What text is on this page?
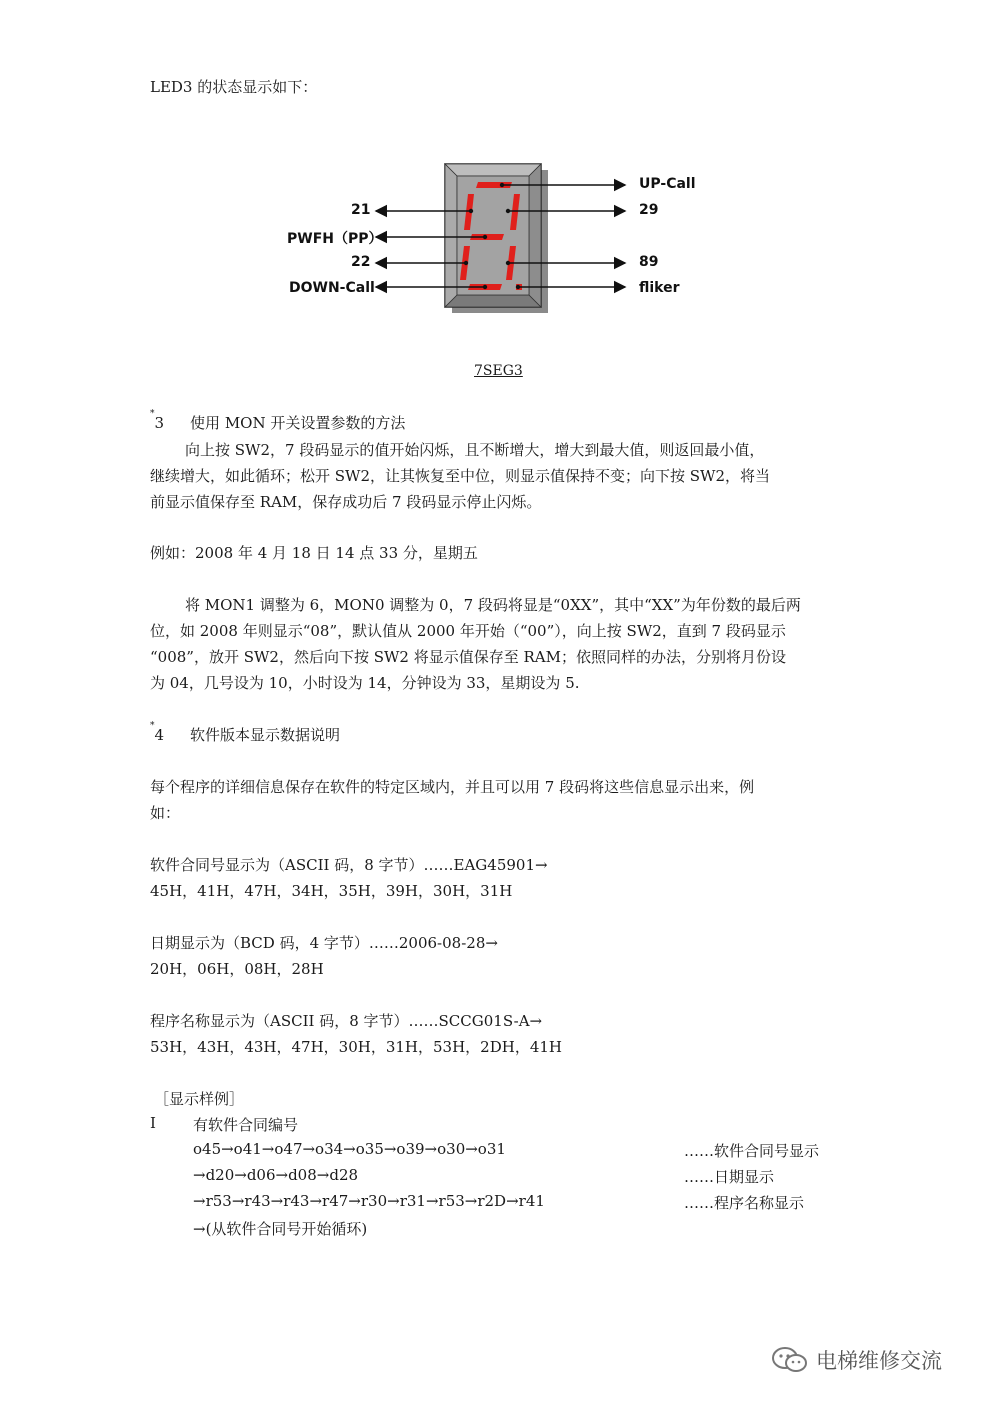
LED3 的状态显示如下：
21
PWFH（PP）
22
DOWN-Call
UP-Call
29
89
fliker
7SEG3
*3 使用 MON 开关设置参数的方法
向上按 SW2，7 段码显示的值开始闪烁，且不断增大，增大到最大值，则返回最小值，
继续增大，如此循环；松开 SW2，让其恢复至中位，则显示值保持不变；向下按 SW2，将当
前显示值保存至 RAM，保存成功后 7 段码显示停止闪烁。
例如：2008 年 4 月 18 日 14 点 33 分，星期五
将 MON1 调整为 6，MON0 调整为 0，7 段码将显是“0XX”，其中“XX”为年份数的最后两
位，如 2008 年则显示“08”，默认值从 2000 年开始（“00”），向上按 SW2，直到 7 段码显示
“008”，放开 SW2，然后向下按 SW2 将显示值保存至 RAM；依照同样的办法，分别将月份设
为 04，几号设为 10，小时设为 14，分钟设为 33，星期设为 5.
*4 软件版本显示数据说明
每个程序的详细信息保存在软件的特定区域内，并且可以用 7 段码将这些信息显示出来，例
如：
软件合同号显示为（ASCII 码，8 字节）……EAG45901→
45H，41H，47H，34H，35H，39H，30H，31H
日期显示为（BCD 码，4 字节）……2006-08-28→
20H，06H，08H，28H
程序名称显示为（ASCII 码，8 字节）……SCCG01S-A→
53H，43H，43H，47H，30H，31H，53H，2DH，41H
［显示样例］
I 有软件合同编号
o45→o41→o47→o34→o35→o39→o30→o31	……软件合同号显示
→d20→d06→d08→d28	……日期显示
→r53→r43→r43→r47→r30→r31→r53→r2D→r41	……程序名称显示
→(从软件合同号开始循环)
电梯维修交流
